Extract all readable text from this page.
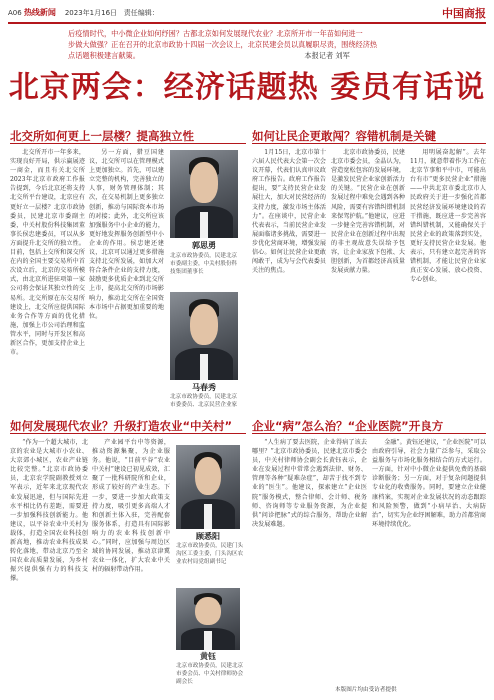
A06 热线新闻 2023年1月16日 责任编辑：	中国商报

后疫情时代，中小微企业如何纾困？古都北京如何发展现代农业？北京所开市一年苗如何进一

步做大做强？正在召开的北京市政协十四届一次会议上，北京民建会员以真履职尽责，围绕经济热

点话题积极建言献策。	本报记者 刘军

北京两会：经济话题热 委员有话说
北交所如何更上一层楼？提高独立性	如何让民企更敢闯？容错机制是关键
如何发展现代农业？升级打造农业“中关村” 企业“病”怎么治？“企业医院”开良方

北交所开市一年多来，实现良好开局，供示赢展迹一商金，而且有关北交所2023年北京市政府工作报告提到，今后北京还将支持北交所平台建设，北京应有更好立一层楼？北京市政协委员，民建北京市委副主委，中关村股份科技集团董事长侯忠建委员，可以从多方面提升北交所的独立性。目前，包括上交所和深交所在内的全国主要交易所中首次设立后，北京的交易所模式，由北京所进驻项第一家公司将会保证其独立性的交易所。北交所原在东交易所建设上，北交所应提供国际业务合作等方面的优化措施，加强上市公司治理和监管水平，同时与开发区和高新区合作，更加支持企业上市。

另一方面，猎豆国建议，北交所可以在管理模式上更加独立。首先，可以建立完整的机构，完善独立的人事，财务管理体制；其次，在交易机制上更多独立创新，推动与国际资本市场的对接；此外，北交所应该加强服务中小企业的能力，更好地发挥服务创新型中小企业的作用。侯忠建还建议，北京可以通过更多措施支持北交所发展，如加大对符合条件企业的支持力度，鼓励更多优质企业到北交所上市，提高北交所的市场影响力，推动北交所在全国资本市场中占据更加重要的地位。

郭思勇
北京市政协委员，民建北京市委副主委，中关村股份科技集团董事长
马春秀
北京市政协委员，民建北京市委委员、北京民营企业家

1月15日，北京市第十六届人民代表大会第一次会议开幕，代表们认真审议政府工作报告。政府工作报告提出，要“支持民营企业发展壮大，加大对民营经济的支持力度，激发市场主体活力”。在座谈中，民营企业代表表示，当前民营企业发展面临诸多挑战，需要进一步优化营商环境，增强发展信心。如何让民营企业更敢闯敢干，成为与会代表委员关注的焦点。

北京市政协委员，民建北京市委会员，金晶认为，营造宽松包容的发展环境，是激发民营企业家创新活力的关键。“民营企业在创新发展过程中难免会遇到各种风险，需要有容错纠错机制来保驾护航。”他建议，应进一步健全完善容错机制，对民营企业在创新过程中出现的非主观故意失误给予包容，让企业家放下包袱、大胆创新，为首都经济高质量发展贡献力量。

用明展奋起解”。去年11月，就意带着作为工作在北京节事和平中市，可能出台有市“更多民营企业”措施——中共北京市委北京市人民政府关于进一步强化首都民营经济发展环境建设的若干措施，既应进一步完善容错纠错机制，又能确保关于民营企业的政策落到实处，更好支持民营企业发展。他表示，只有建立起完善的容错机制，才能让民营企业家真正安心发展、放心投资、专心创业。

“作为一个超大城市，北京的农业是大城市小农业、大京郊小城区，农业产业链比较完整。”北京市政协委员，北京农学院副教授刘立军表示，近年来北京现代农业发展迅速，但与国际先进水平相比仍有差距，需要进一步加强科技创新能力。他建议，以平谷农业中关村为载体，打造全国农业科技创新高地，推动农业科技成果转化落地，带动北京乃至全国农业高质量发展，为乡村振兴提供强有力的科技支撑。

产业园平台中等资源，推动资源集聚，为企业服务。他说，“目前平谷“农业中关村”建设已初见成效，汇聚了一批科研院所和企业，形成了较好的产业生态。下一步，要进一步加大政策支持力度，吸引更多高端人才和创新主体入驻，完善配套服务体系，打造具有国际影响力的农业科技创新中心。”同时，应加强与周边区域的协同发展，推动京津冀农业一体化，扩大农业中关村的辐射带动作用。

顾悉阳
北京市政协委员，民建门头沟区工委主委，门头沟区农业农村局党组副书记
黄钰
北京市政协委员，民建北京市委会员、中关村律师协会副会长

“人生病了要去医院，企业得病了该去哪里？”北京市政协委员，民建北京市委会员，中关村律师协会副会长黄钰表示，企业在发展过程中常常会遇到法律、财务、管理等各种“疑难杂症”，却苦于找不到专业的“医生”。他建议，探索建立“企业医院”服务模式，整合律师、会计师、税务师、咨询师等专业服务资源，为企业提供“问诊把脉”式的综合服务，帮助企业解决发展难题。

金融”。黄钰还建议，“企业医院”可以由政府引导，社会力量广泛参与，采取公益服务与市场化服务相结合的方式运行。一方面，针对中小微企业提供免费的基础诊断服务；另一方面，对于复杂问题提供专业化的收费服务。同时，要建立企业健康档案，实现对企业发展状况的动态跟踪和风险预警，做到“小病早治、大病防治”，切实为企业纾困解难，助力首都营商环境持续优化。

本版图片均由受访者提供
